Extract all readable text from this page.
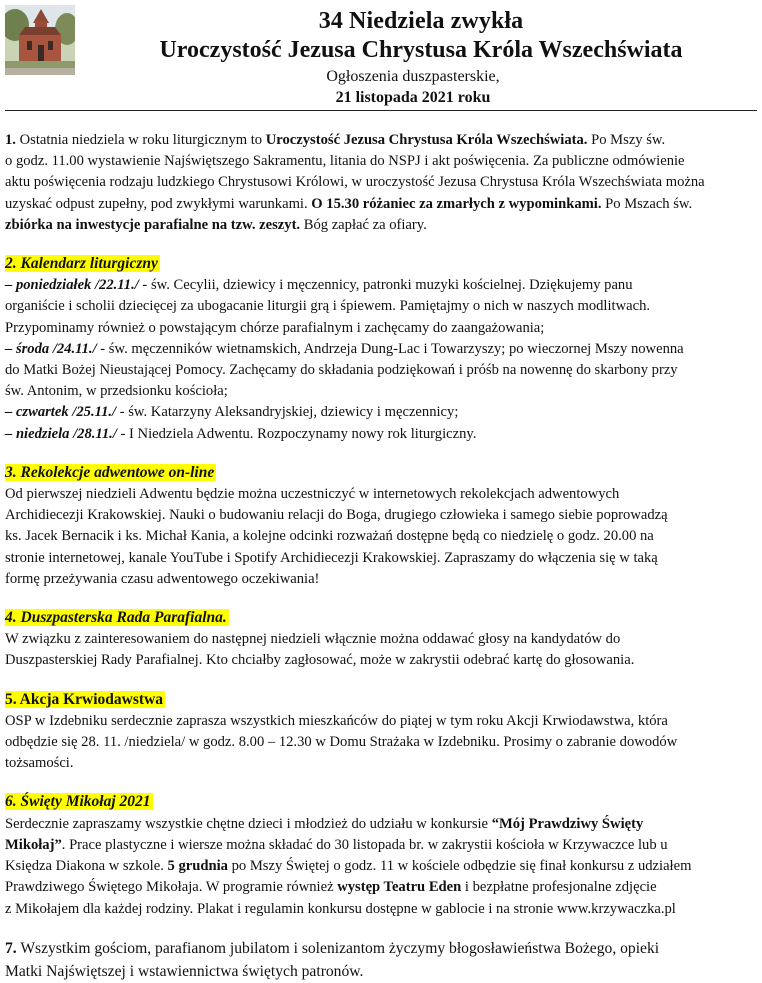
34 Niedziela zwykła
Uroczystość Jezusa Chrystusa Króla Wszechświata

Ogłoszenia duszpasterskie,

21 listopada 2021 roku

1. Ostatnia niedziela w roku liturgicznym to Uroczystość Jezusa Chrystusa Króla Wszechświata. Po Mszy św.
o godz. 11.00 wystawienie Najświętszego Sakramentu, litania do NSPJ i akt poświęcenia. Za publiczne odmówienie
aktu poświęcenia rodzaju ludzkiego Chrystusowi Królowi, w uroczystość Jezusa Chrystusa Króla Wszechświata można
uzyskać odpust zupełny, pod zwykłymi warunkami. O 15.30 różaniec za zmarłych z wypominkami. Po Mszach św.
zbiórka na inwestycje parafialne na tzw. zeszyt. Bóg zapłać za ofiary.
2. Kalendarz liturgiczny
– poniedziałek /22.11./ - św. Cecylii, dziewicy i męczennicy, patronki muzyki kościelnej. Dziękujemy panu
organiście i scholii dziecięcej za ubogacanie liturgii grą i śpiewem. Pamiętajmy o nich w naszych modlitwach.
Przypominamy również o powstającym chórze parafialnym i zachęcamy do zaangażowania;
– środa /24.11./ - św. męczenników wietnamskich, Andrzeja Dung-Lac i Towarzyszy; po wieczornej Mszy nowenna
do Matki Bożej Nieustającej Pomocy. Zachęcamy do składania podziękowań i próśb na nowennę do skarbony przy
św. Antonim, w przedsionku kościoła;
– czwartek /25.11./ - św. Katarzyny Aleksandryjskiej, dziewicy i męczennicy;
– niedziela /28.11./ - I Niedziela Adwentu. Rozpoczynamy nowy rok liturgiczny.
3. Rekolekcje adwentowe on-line
Od pierwszej niedzieli Adwentu będzie można uczestniczyć w internetowych rekolekcjach adwentowych
Archidiecezji Krakowskiej. Nauki o budowaniu relacji do Boga, drugiego człowieka i samego siebie poprowadzą
ks. Jacek Bernacik i ks. Michał Kania, a kolejne odcinki rozważań dostępne będą co niedzielę o godz. 20.00 na
stronie internetowej, kanale YouTube i Spotify Archidiecezji Krakowskiej. Zapraszamy do włączenia się w taką
formę przeżywania czasu adwentowego oczekiwania!
4. Duszpasterska Rada Parafialna.
W związku z zainteresowaniem do następnej niedzieli włącznie można oddawać głosy na kandydatów do
Duszpasterskiej Rady Parafialnej. Kto chciałby zagłosować, może w zakrystii odebrać kartę do głosowania.
5. Akcja Krwiodawstwa
OSP w Izdebniku serdecznie zaprasza wszystkich mieszkańców do piątej w tym roku Akcji Krwiodawstwa, która
odbędzie się 28. 11. /niedziela/ w godz. 8.00 – 12.30 w Domu Strażaka w Izdebniku. Prosimy o zabranie dowodów
tożsamości.
6. Święty Mikołaj 2021
Serdecznie zapraszamy wszystkie chętne dzieci i młodzież do udziału w konkursie “Mój Prawdziwy Święty
Mikołaj”. Prace plastyczne i wiersze można składać do 30 listopada br. w zakrystii kościoła w Krzywaczce lub u
Księdza Diakona w szkole. 5 grudnia po Mszy Świętej o godz. 11 w kościele odbędzie się finał konkursu z udziałem
Prawdziwego Świętego Mikołaja. W programie również występ Teatru Eden i bezpłatne profesjonalne zdjęcie
z Mikołajem dla każdej rodziny. Plakat i regulamin konkursu dostępne w gablocie i na stronie www.krzywaczka.pl
7. Wszystkim gościom, parafianom jubilatom i solenizantom życzymy błogosławieństwa Bożego, opieki
Matki Najświętszej i wstawiennictwa świętych patronów.
